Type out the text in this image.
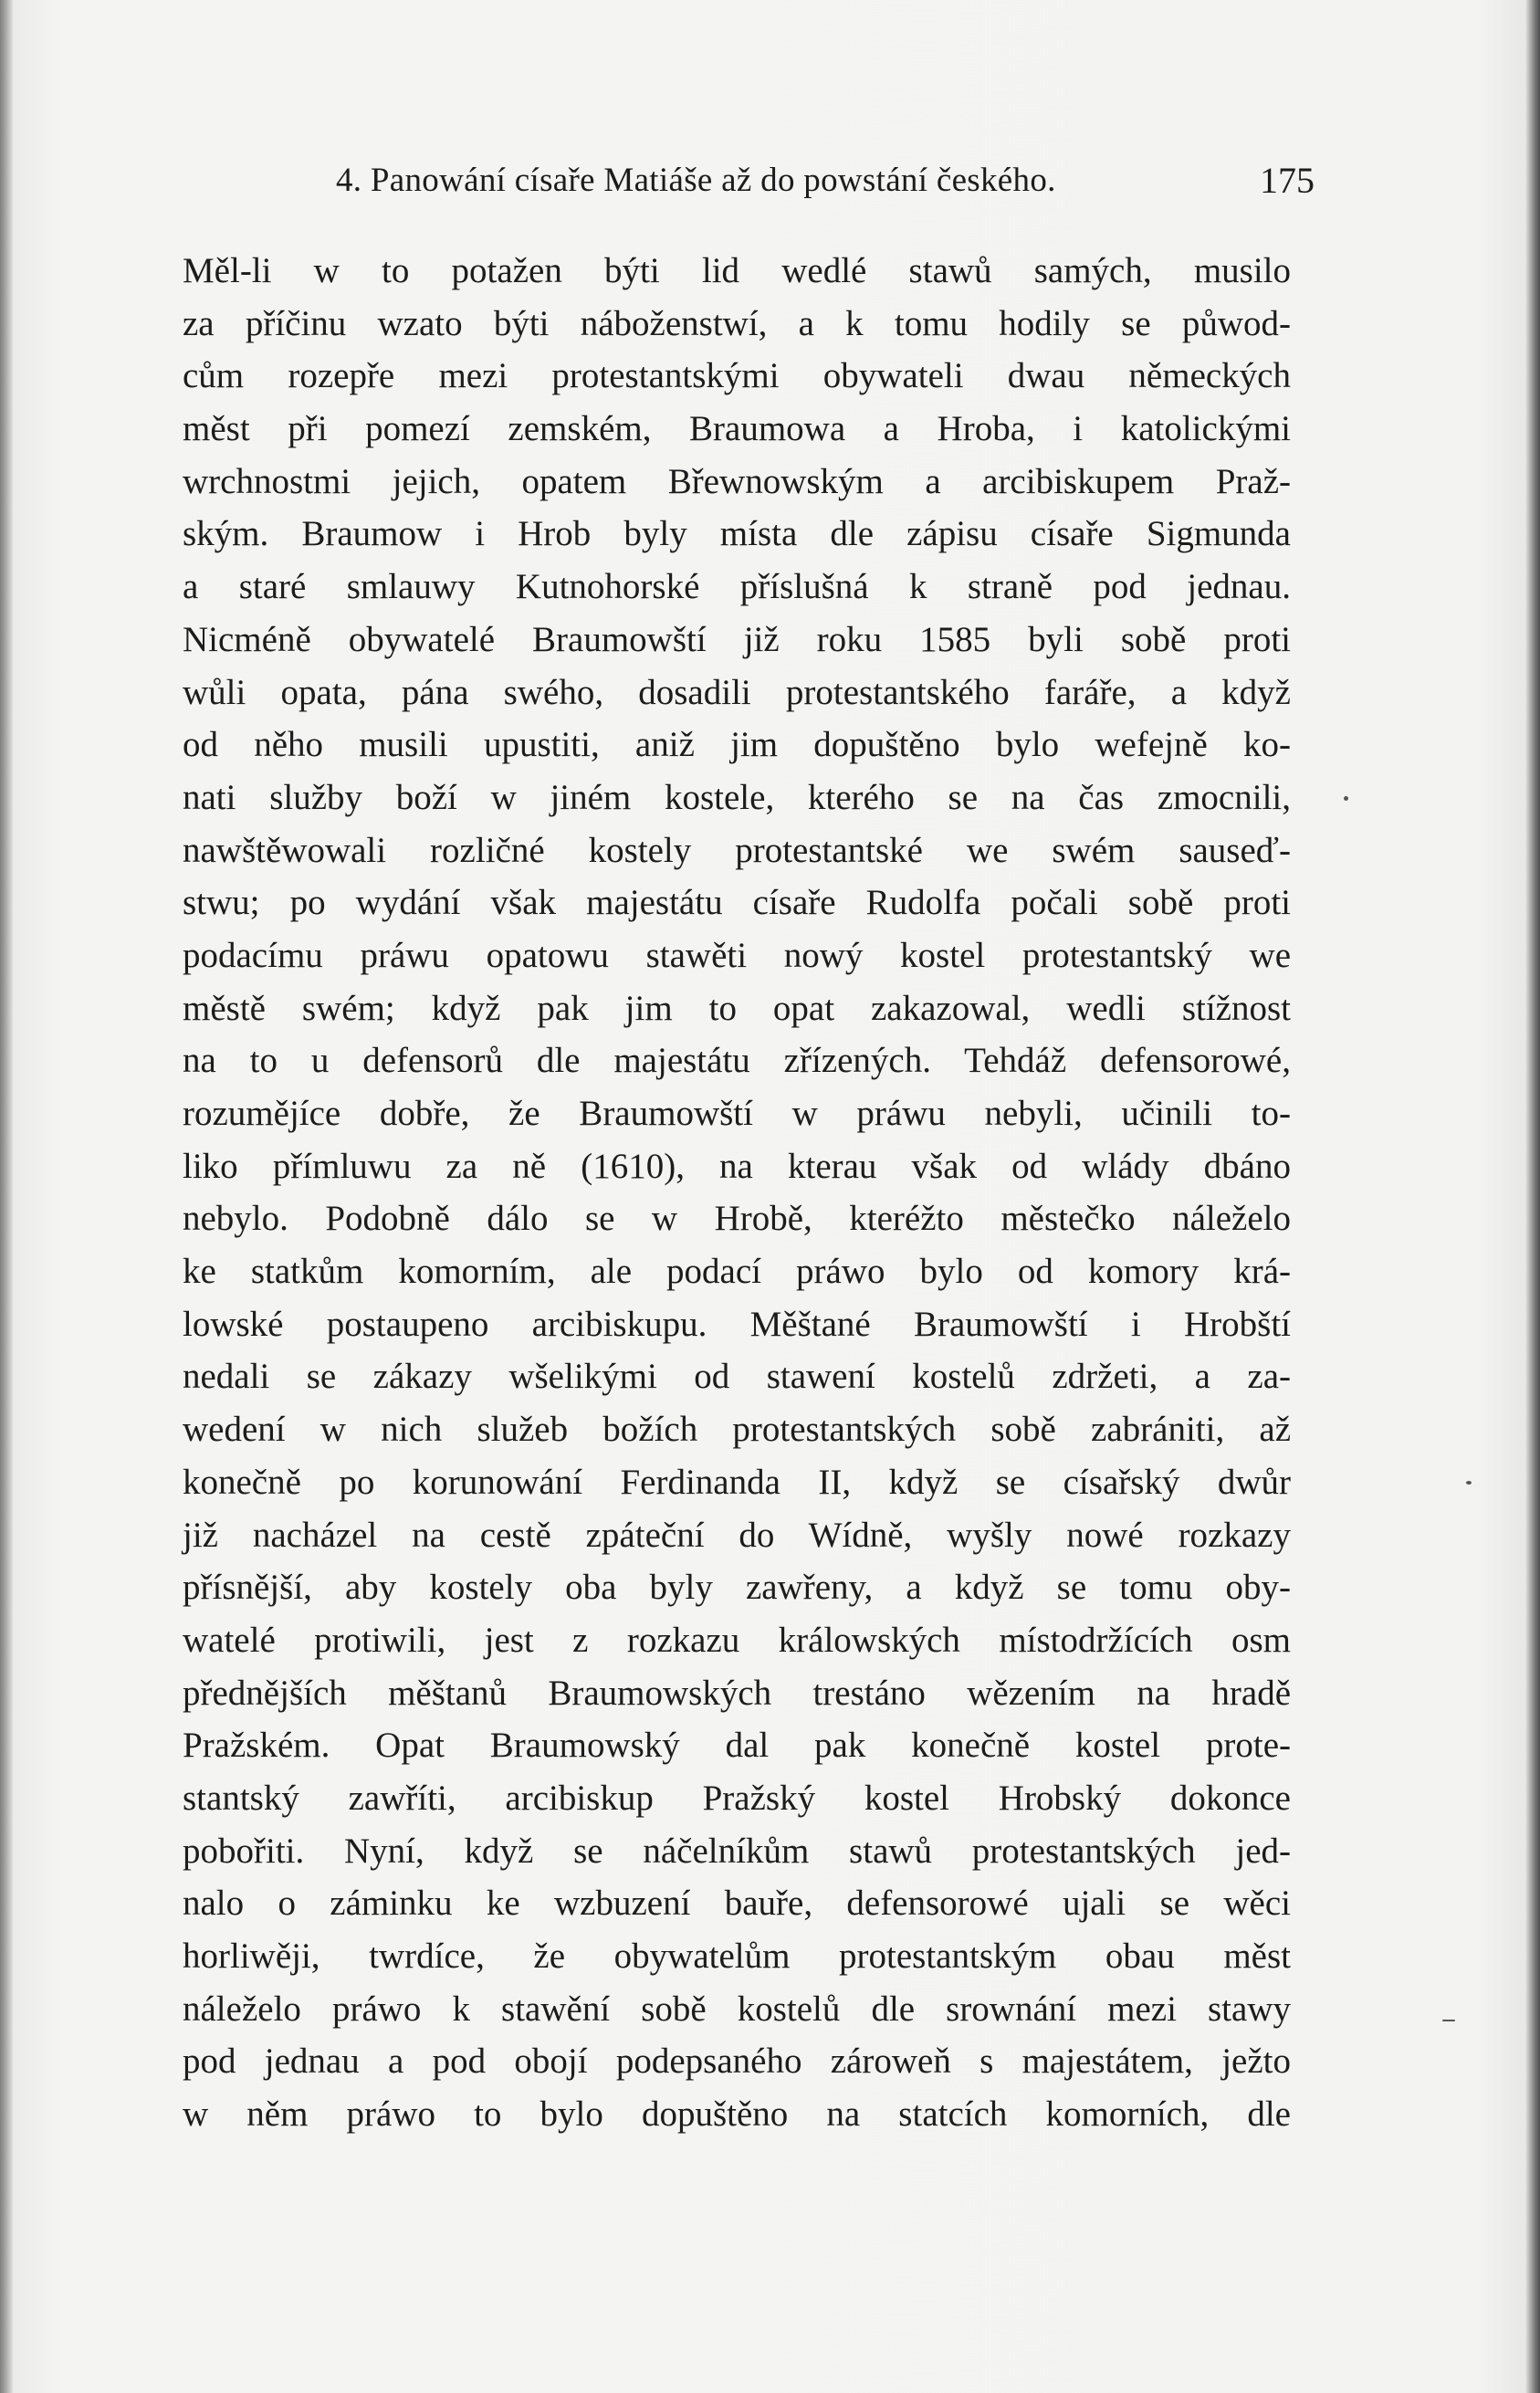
4. Panowání císaře Matiáše až do powstání českého.	175
Měl-li w to potažen býti lid wedlé stawů samých, musilo
za příčinu wzato býti náboženstwí, a k tomu hodily se půwod-
cům rozepře mezi protestantskými obywateli dwau německých
měst při pomezí zemském, Braumowa a Hroba, i katolickými
wrchnostmi jejich, opatem Břewnowským a arcibiskupem Praž-
ským. Braumow i Hrob byly místa dle zápisu císaře Sigmunda
a staré smlauwy Kutnohorské příslušná k straně pod jednau.
Nicméně obywatelé Braumowští již roku 1585 byli sobě proti
wůli opata, pána swého, dosadili protestantského faráře, a když
od něho musili upustiti, aniž jim dopuštěno bylo wefejně ko-
nati služby boží w jiném kostele, kterého se na čas zmocnili,
nawštěwowali rozličné kostely protestantské we swém sauseď-
stwu; po wydání však majestátu císaře Rudolfa počali sobě proti
podacímu práwu opatowu stawěti nowý kostel protestantský we
městě swém; když pak jim to opat zakazowal, wedli stížnost
na to u defensorů dle majestátu zřízených. Tehdáž defensorowé,
rozumějíce dobře, že Braumowští w práwu nebyli, učinili to-
liko přímluwu za ně (1610), na kterau však od wlády dbáno
nebylo. Podobně dálo se w Hrobě, kteréžto městečko náleželo
ke statkům komorním, ale podací práwo bylo od komory krá-
lowské postaupeno arcibiskupu. Měštané Braumowští i Hrobští
nedali se zákazy wšelikými od stawení kostelů zdržeti, a za-
wedení w nich služeb božích protestantských sobě zabrániti, až
konečně po korunowání Ferdinanda II, když se císařský dwůr
již nacházel na cestě zpáteční do Wídně, wyšly nowé rozkazy
přísnější, aby kostely oba byly zawřeny, a když se tomu oby-
watelé protiwili, jest z rozkazu králowských místodržících osm
přednějších měštanů Braumowských trestáno wězením na hradě
Pražském. Opat Braumowský dal pak konečně kostel prote-
stantský zawříti, arcibiskup Pražský kostel Hrobský dokonce
pobořiti. Nyní, když se náčelníkům stawů protestantských jed-
nalo o záminku ke wzbuzení bauře, defensorowé ujali se wěci
horliwěji, twrdíce, že obywatelům protestantským obau měst
náleželo práwo k stawění sobě kostelů dle srownání mezi stawy
pod jednau a pod obojí podepsaného zároweň s majestátem, ježto
w něm práwo to bylo dopuštěno na statcích komorních, dle
